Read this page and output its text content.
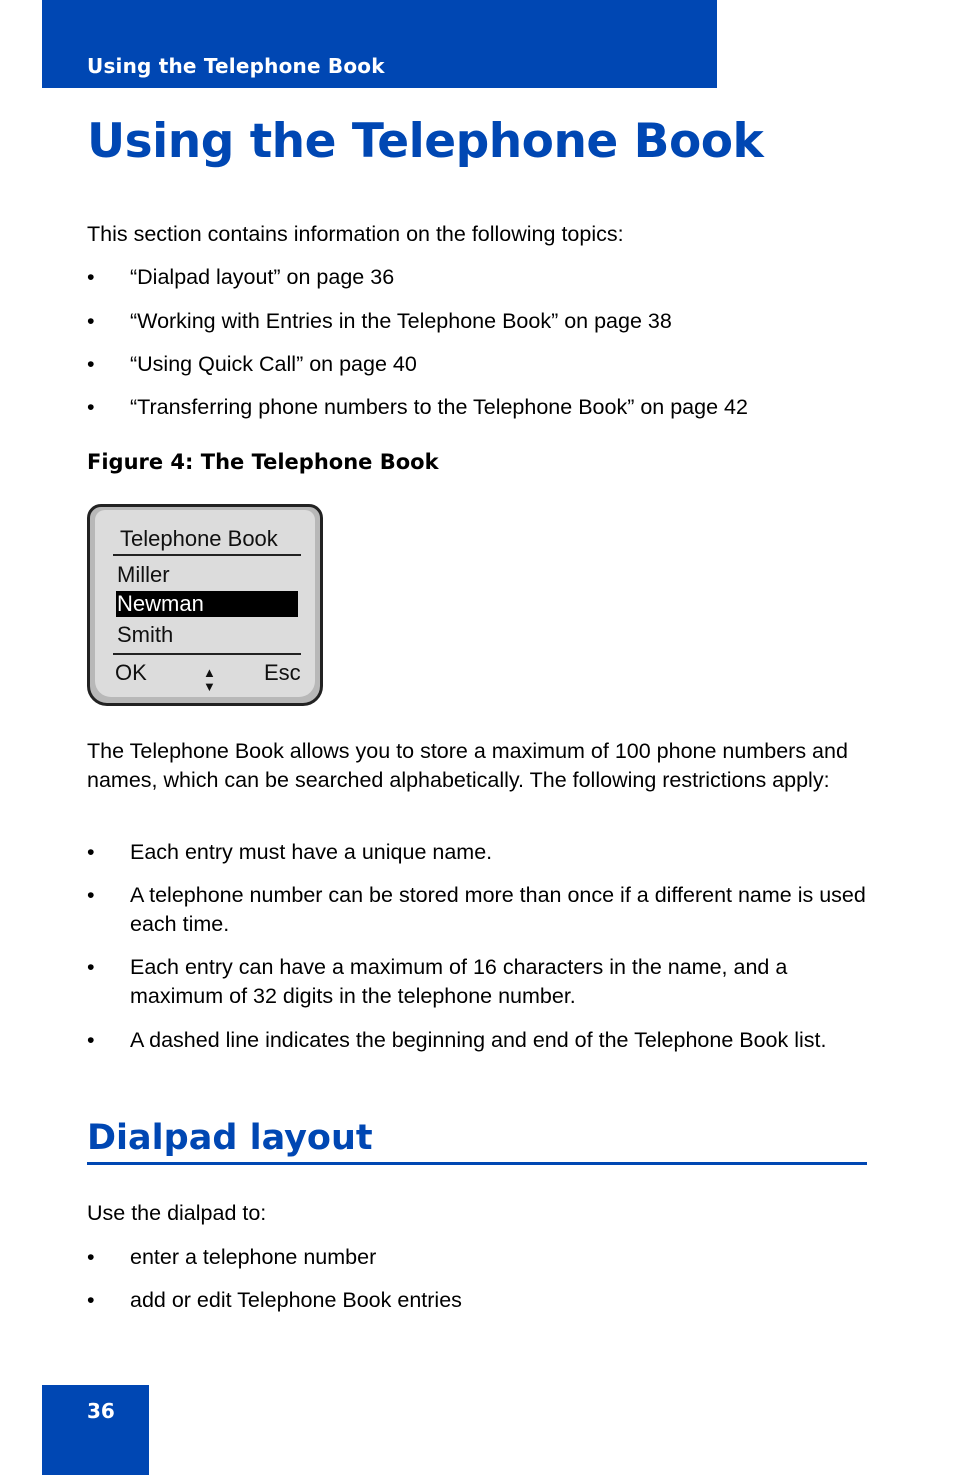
Using the Telephone Book
Using the Telephone Book

This section contains information on the following topics:

• “Dialpad layout” on page 36
• “Working with Entries in the Telephone Book” on page 38
• “Using Quick Call” on page 40
• “Transferring phone numbers to the Telephone Book” on page 42
Figure 4: The Telephone Book
Telephone Book
Miller
Newman
Smith
OK	▲
▼
Esc

The Telephone Book allows you to store a maximum of 100 phone numbers and names, which can be searched alphabetically. The following restrictions apply:

• Each entry must have a unique name.
• A telephone number can be stored more than once if a different name is used each time.
• Each entry can have a maximum of 16 characters in the name, and a maximum of 32 digits in the telephone number.
• A dashed line indicates the beginning and end of the Telephone Book list.
Dialpad layout

Use the dialpad to:

• enter a telephone number
• add or edit Telephone Book entries
36
